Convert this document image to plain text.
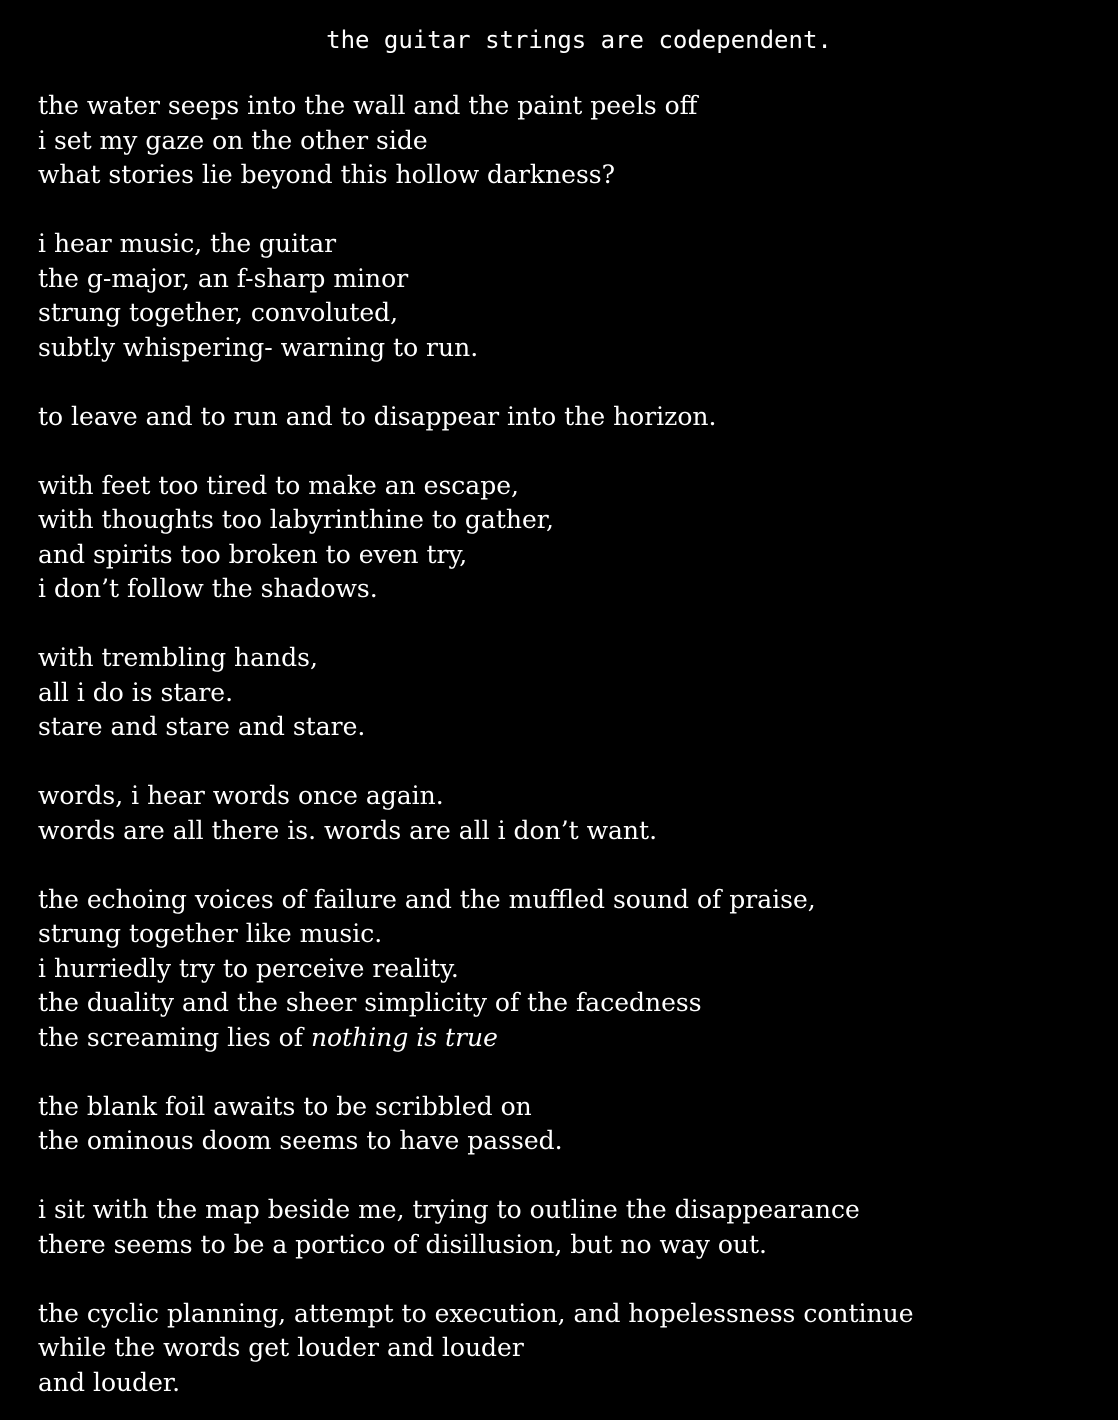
the guitar strings are codependent.
the water seeps into the wall and the paint peels off
i set my gaze on the other side
what stories lie beyond this hollow darkness?
i hear music, the guitar
the g-major, an f-sharp minor
strung together, convoluted,
subtly whispering- warning to run.
to leave and to run and to disappear into the horizon.
with feet too tired to make an escape,
with thoughts too labyrinthine to gather,
and spirits too broken to even try,
i don’t follow the shadows.
with trembling hands,
all i do is stare.
stare and stare and stare.
words, i hear words once again.
words are all there is. words are all i don’t want.
the echoing voices of failure and the muffled sound of praise,
strung together like music.
i hurriedly try to perceive reality.
the duality and the sheer simplicity of the facedness
the screaming lies of nothing is true
the blank foil awaits to be scribbled on
the ominous doom seems to have passed.
i sit with the map beside me, trying to outline the disappearance
there seems to be a portico of disillusion, but no way out.
the cyclic planning, attempt to execution, and hopelessness continue
while the words get louder and louder
and louder.
